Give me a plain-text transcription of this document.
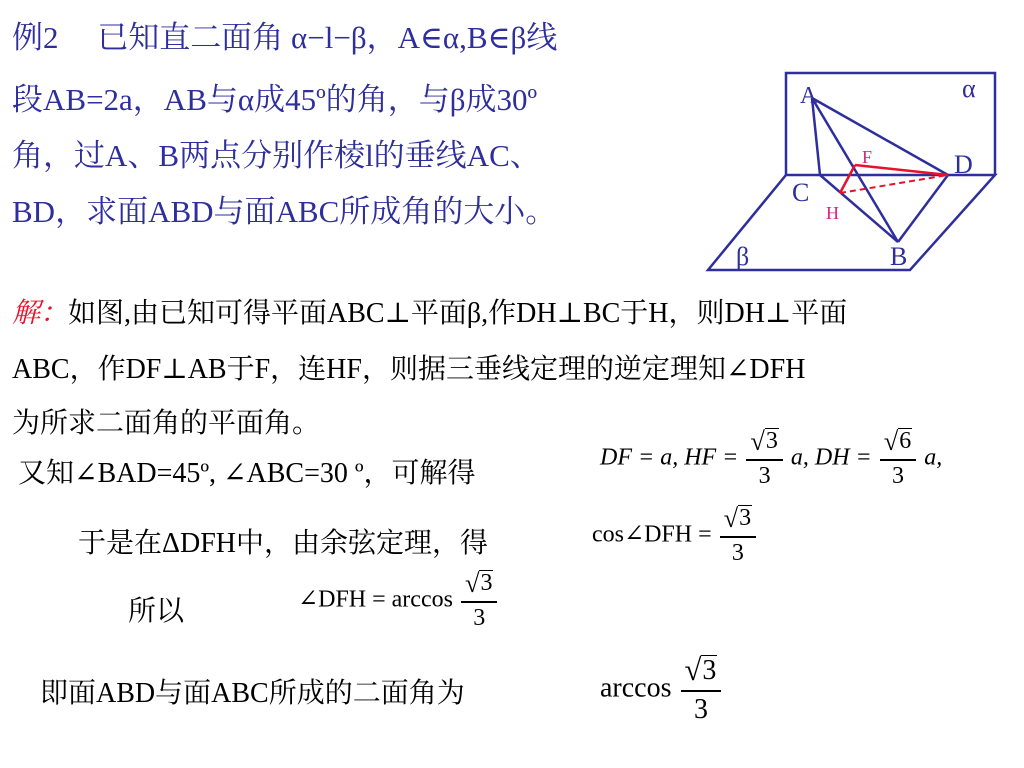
例2　 已知直二面角 α−l−β，A∈α,B∈β线
段AB=2a，AB与α成45º的角，与β成30º
角，过A、B两点分别作棱l的垂线AC、
BD，求面ABD与面ABC所成角的大小。
A	α
D
C
F
H
B
β
解：如图,由已知可得平面ABC⊥平面β,作DH⊥BC于H，则DH⊥平面
ABC，作DF⊥AB于F，连HF，则据三垂线定理的逆定理知∠DFH
为所求二面角的平面角。
又知∠BAD=45º, ∠ABC=30 º，可解得
于是在ΔDFH中，由余弦定理，得
所以
即面ABD与面ABC所成的二面角为
DF = a, HF = $\frac{√ 3}{3} a$, DH = $\frac{√ 6}{3} a$,
cos∠DFH = $\frac{√ 3}{3}$
∠DFH = $\arccos \frac{√ 3}{3}$
$\arccos \frac{√ 3}{3}$
